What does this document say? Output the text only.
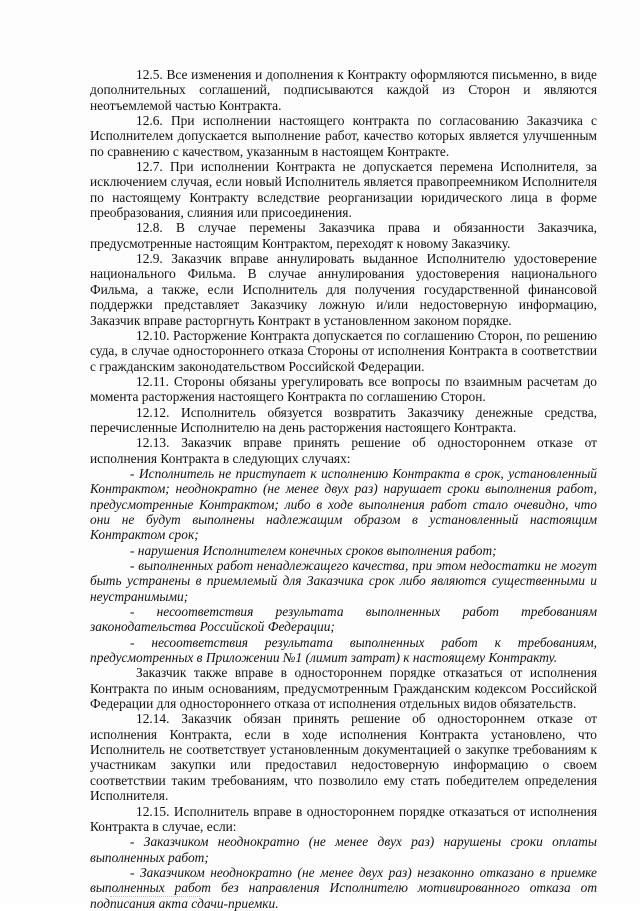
12.5. Все изменения и дополнения к Контракту оформляются письменно, в виде дополнительных соглашений, подписываются каждой из Сторон и являются неотъемлемой частью Контракта.

12.6. При исполнении настоящего контракта по согласованию Заказчика с Исполнителем допускается выполнение работ, качество которых является улучшенным по сравнению с качеством, указанным в настоящем Контракте.

12.7. При исполнении Контракта не допускается перемена Исполнителя, за исключением случая, если новый Исполнитель является правопреемником Исполнителя по настоящему Контракту вследствие реорганизации юридического лица в форме преобразования, слияния или присоединения.

12.8. В случае перемены Заказчика права и обязанности Заказчика, предусмотренные настоящим Контрактом, переходят к новому Заказчику.

12.9. Заказчик вправе аннулировать выданное Исполнителю удостоверение национального Фильма. В случае аннулирования удостоверения национального Фильма, а также, если Исполнитель для получения государственной финансовой поддержки представляет Заказчику ложную и/или недостоверную информацию, Заказчик вправе расторгнуть Контракт в установленном законом порядке.

12.10. Расторжение Контракта допускается по соглашению Сторон, по решению суда, в случае одностороннего отказа Стороны от исполнения Контракта в соответствии с гражданским законодательством Российской Федерации.

12.11. Стороны обязаны урегулировать все вопросы по взаимным расчетам до момента расторжения настоящего Контракта по соглашению Сторон.

12.12. Исполнитель обязуется возвратить Заказчику денежные средства, перечисленные Исполнителю на день расторжения настоящего Контракта.

12.13. Заказчик вправе принять решение об одностороннем отказе от исполнения Контракта в следующих случаях:

- Исполнитель не приступает к исполнению Контракта в срок, установленный Контрактом; неоднократно (не менее двух раз) нарушает сроки выполнения работ, предусмотренные Контрактом; либо в ходе выполнения работ стало очевидно, что они не будут выполнены надлежащим образом в установленный настоящим Контрактом срок;

- нарушения Исполнителем конечных сроков выполнения работ;

- выполненных работ ненадлежащего качества, при этом недостатки не могут быть устранены в приемлемый для Заказчика срок либо являются существенными и неустранимыми;

- несоответствия результата выполненных работ требованиям законодательства Российской Федерации;

- несоответствия результата выполненных работ к требованиям, предусмотренных в Приложении №1 (лимит затрат) к настоящему Контракту.

Заказчик также вправе в одностороннем порядке отказаться от исполнения Контракта по иным основаниям, предусмотренным Гражданским кодексом Российской Федерации для одностороннего отказа от исполнения отдельных видов обязательств.

12.14. Заказчик обязан принять решение об одностороннем отказе от исполнения Контракта, если в ходе исполнения Контракта установлено, что Исполнитель не соответствует установленным документацией о закупке требованиям к участникам закупки или предоставил недостоверную информацию о своем соответствии таким требованиям, что позволило ему стать победителем определения Исполнителя.

12.15. Исполнитель вправе в одностороннем порядке отказаться от исполнения Контракта в случае, если:

- Заказчиком неоднократно (не менее двух раз) нарушены сроки оплаты выполненных работ;

- Заказчиком неоднократно (не менее двух раз) незаконно отказано в приемке выполненных работ без направления Исполнителю мотивированного отказа от подписания акта сдачи-приемки.
